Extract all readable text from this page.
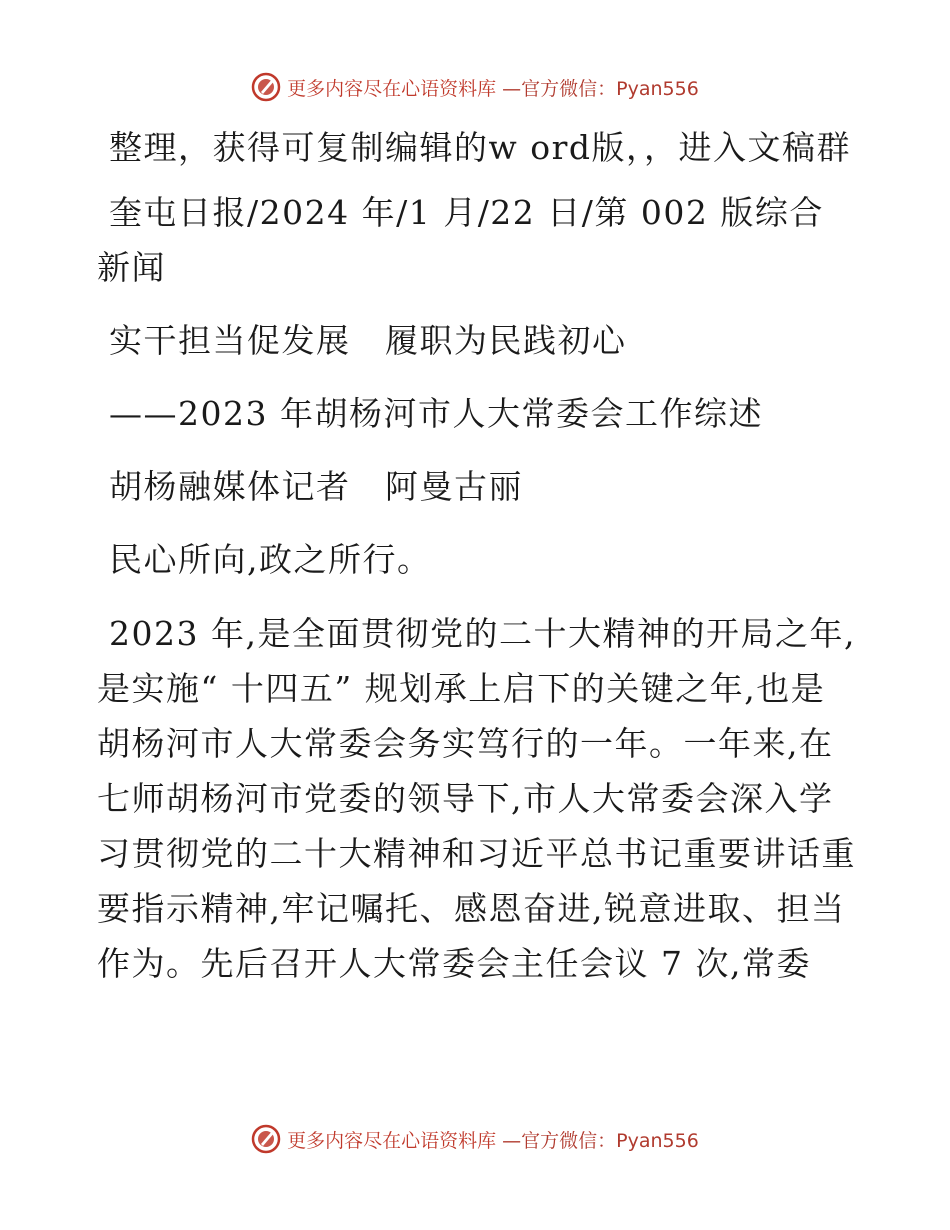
更多内容尽在心语资料库 —官方微信：Pyan556

整理，获得可复制编辑的w ord版，，进入文稿群

奎屯日报/2024 年/1 月/22 日/第 002 版综合新闻

实干担当促发展　履职为民践初心

——2023 年胡杨河市人大常委会工作综述

胡杨融媒体记者　阿曼古丽

民心所向,政之所行。

2023 年,是全面贯彻党的二十大精神的开局之年,是实施“ 十四五” 规划承上启下的关键之年,也是胡杨河市人大常委会务实笃行的一年。一年来,在七师胡杨河市党委的领导下,市人大常委会深入学习贯彻党的二十大精神和习近平总书记重要讲话重要指示精神,牢记嘱托、感恩奋进,锐意进取、担当作为。先后召开人大常委会主任会议 7 次,常委

更多内容尽在心语资料库 —官方微信：Pyan556
